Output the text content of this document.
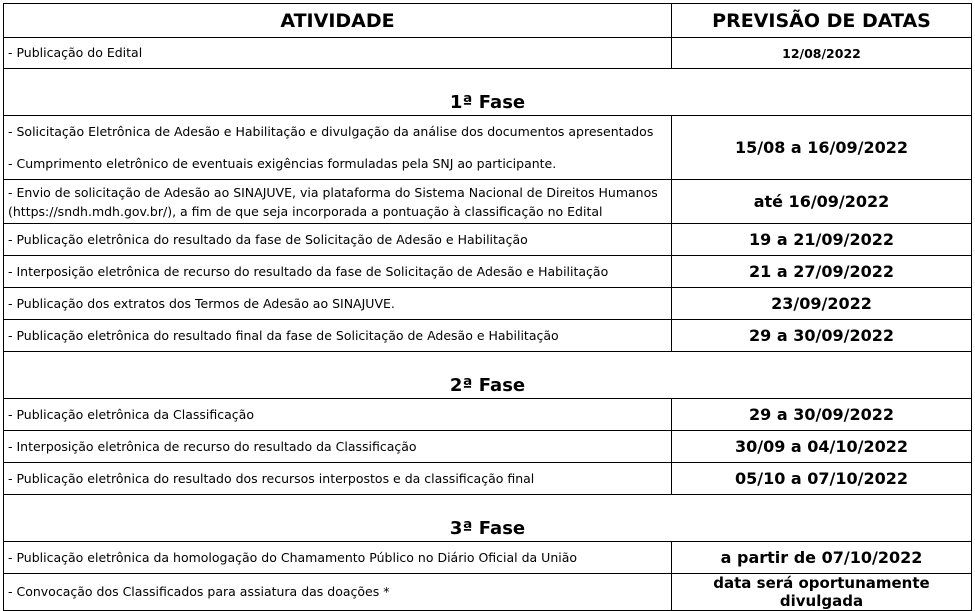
ATIVIDADE	PREVISÃO DE DATAS
- Publicação do Edital	12/08/2022
1ª Fase	
- Solicitação Eletrônica de Adesão e Habilitação e divulgação da análise dos documentos apresentados
- Cumprimento eletrônico de eventuais exigências formuladas pela SNJ ao participante.	15/08 a 16/09/2022

- Envio de solicitação de Adesão ao SINAJUVE, via plataforma do Sistema Nacional de Direitos Humanos
(https://sndh.mdh.gov.br/), a fim de que seja incorporada a pontuação à classificação no Edital	até 16/09/2022
- Publicação eletrônica do resultado da fase de Solicitação de Adesão e Habilitação	19 a 21/09/2022
- Interposição eletrônica de recurso do resultado da fase de Solicitação de Adesão e Habilitação	21 a 27/09/2022
- Publicação dos extratos dos Termos de Adesão ao SINAJUVE.	23/09/2022
- Publicação eletrônica do resultado final da fase de Solicitação de Adesão e Habilitação	29 a 30/09/2022
2ª Fase	
- Publicação eletrônica da Classificação	29 a 30/09/2022
- Interposição eletrônica de recurso do resultado da Classificação	30/09 a 04/10/2022
- Publicação eletrônica do resultado dos recursos interpostos e da classificação final	05/10 a 07/10/2022
3ª Fase	
- Publicação eletrônica da homologação do Chamamento Público no Diário Oficial da União	a partir de 07/10/2022
- Convocação dos Classificados para assiatura das doações *	data será oportunamente divulgada
